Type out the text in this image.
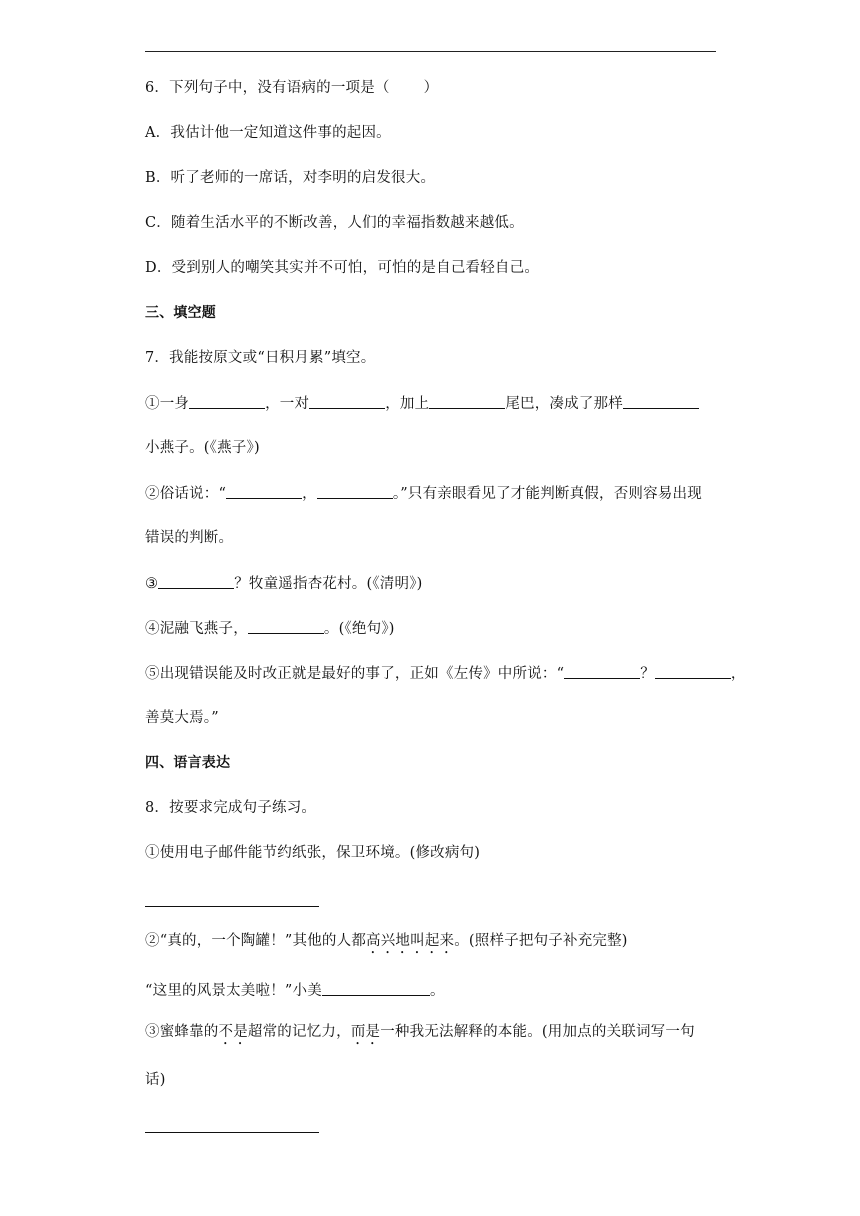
6．下列句子中，没有语病的一项是（ ）
A．我估计他一定知道这件事的起因。
B．听了老师的一席话，对李明的启发很大。
C．随着生活水平的不断改善，人们的幸福指数越来越低。
D．受到别人的嘲笑其实并不可怕，可怕的是自己看轻自己。
三、填空题
7．我能按原文或“日积月累”填空。
①一身	，一对	，加上	尾巴，凑成了那样
小燕子。(《燕子》)
②俗话说：“	，	。”只有亲眼看见了才能判断真假，否则容易出现
错误的判断。
③	？牧童遥指杏花村。(《清明》)
④泥融飞燕子，	。(《绝句》)
⑤出现错误能及时改正就是最好的事了，正如《左传》中所说：“	？	，
善莫大焉。”
四、语言表达
8．按要求完成句子练习。
①使用电子邮件能节约纸张，保卫环境。(修改病句)
②“真的，一个陶罐！”其他的人都高兴地叫起来。(照样子把句子补充完整)
“这里的风景太美啦！”小美	。
③蜜蜂靠的不是超常的记忆力，而是一种我无法解释的本能。(用加点的关联词写一句
话)
